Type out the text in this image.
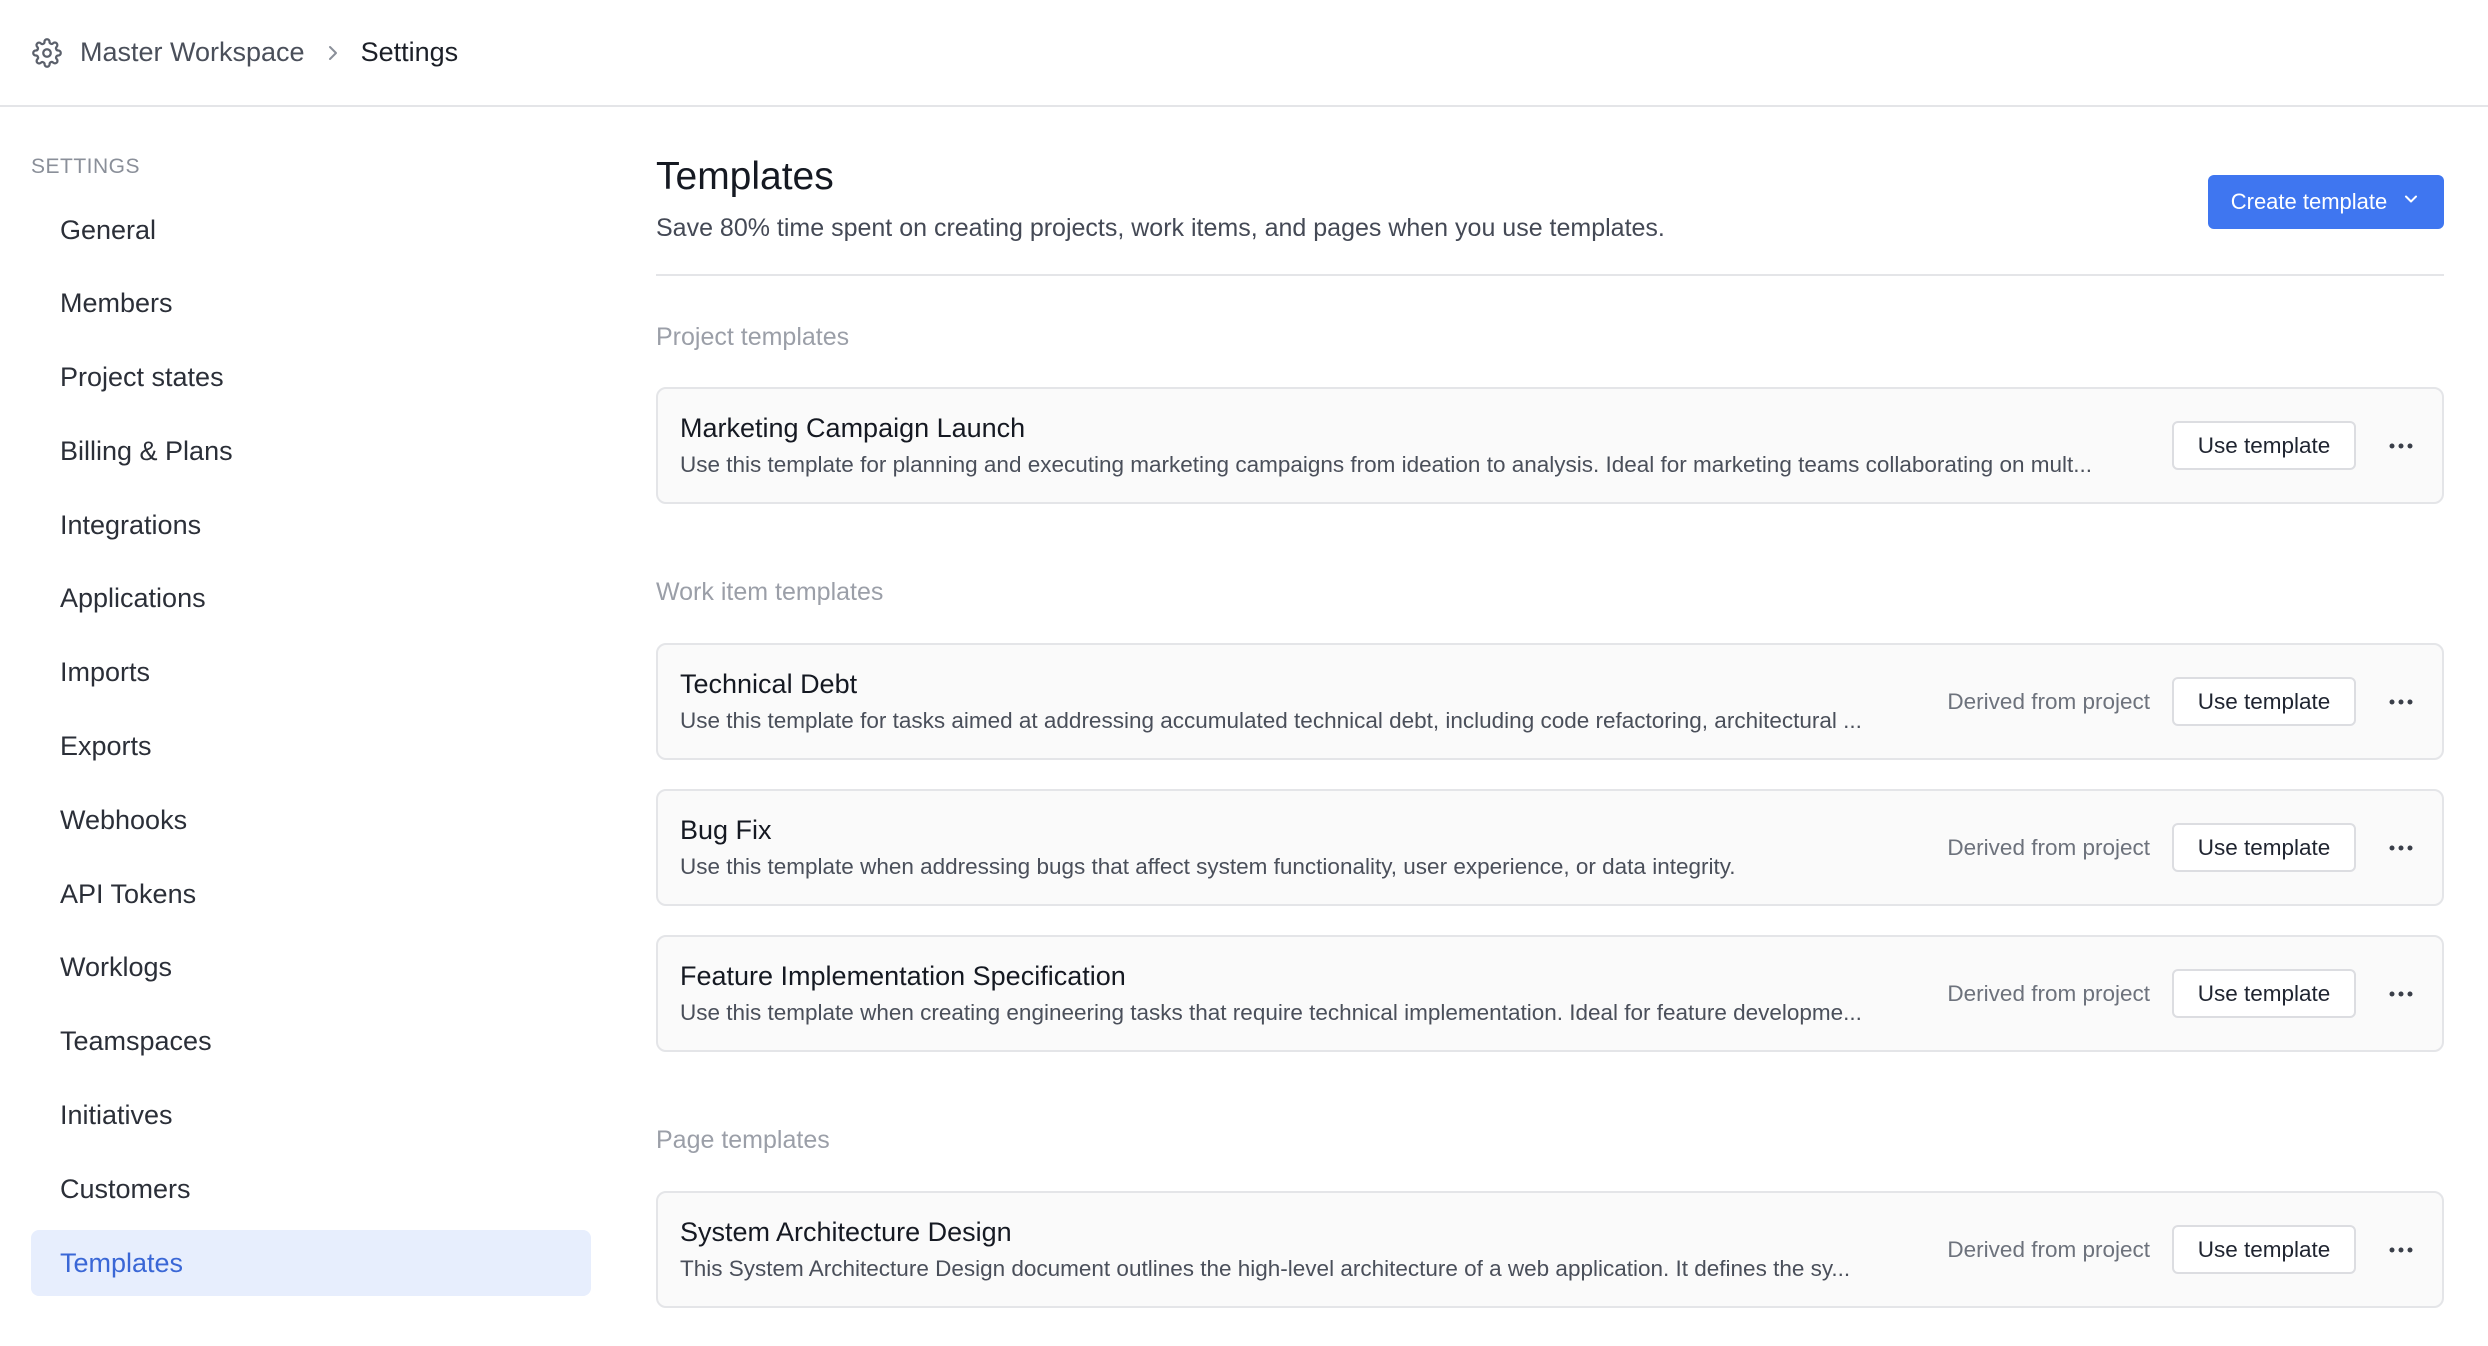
Master Workspace Settings
SETTINGS
General
Members
Project states
Billing & Plans
Integrations
Applications
Imports
Exports
Webhooks
API Tokens
Worklogs
Teamspaces
Initiatives
Customers
Templates
Templates
Save 80% time spent on creating projects, work items, and pages when you use templates.
Create template
Project templates
Marketing Campaign Launch
Use this template for planning and executing marketing campaigns from ideation to analysis. Ideal for marketing teams collaborating on mult...
Use template
Work item templates
Technical Debt
Use this template for tasks aimed at addressing accumulated technical debt, including code refactoring, architectural ...
Derived from project	Use template
Bug Fix
Use this template when addressing bugs that affect system functionality, user experience, or data integrity.
Derived from project	Use template
Feature Implementation Specification
Use this template when creating engineering tasks that require technical implementation. Ideal for feature developme...
Derived from project	Use template
Page templates
System Architecture Design
This System Architecture Design document outlines the high-level architecture of a web application. It defines the sy...
Derived from project	Use template
